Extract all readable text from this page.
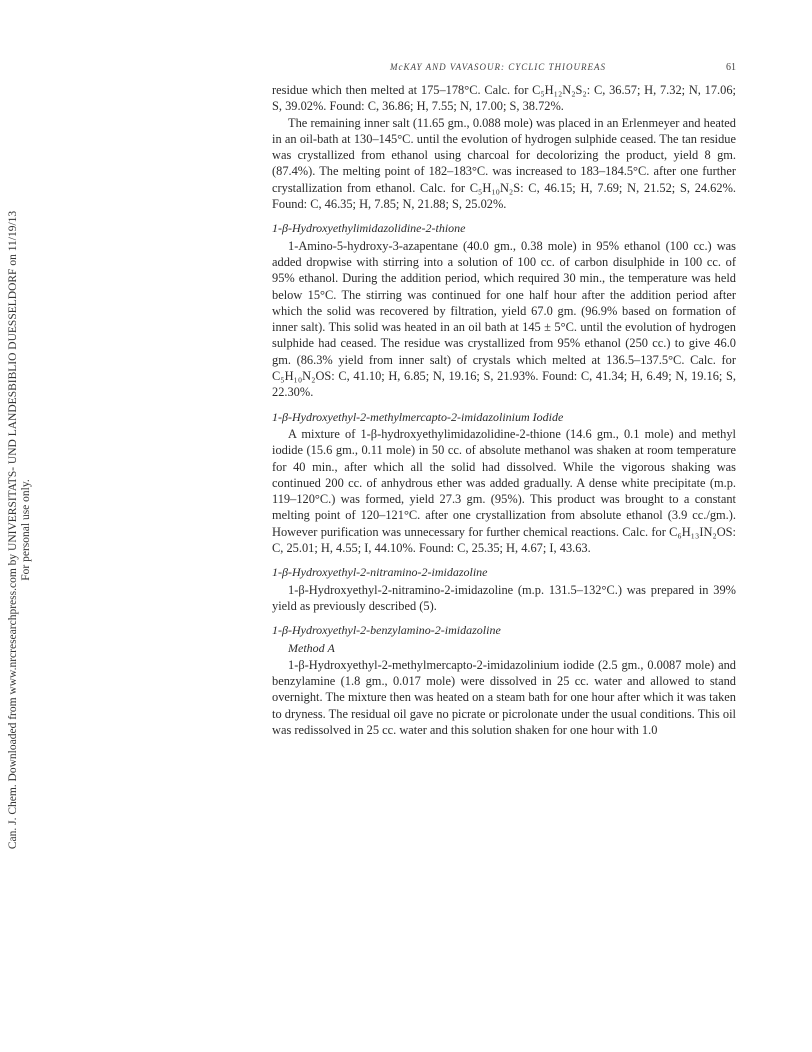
Can. J. Chem. Downloaded from www.nrcresearchpress.com by UNIVERSITATS- UND LANDESBIBLIO DUESSELDORF on 11/19/13 For personal use only.
McKAY AND VAVASOUR: CYCLIC THIOUREAS	61

residue which then melted at 175–178°C. Calc. for C₅H₁₂N₂S₂: C, 36.57; H, 7.32; N, 17.06; S, 39.02%. Found: C, 36.86; H, 7.55; N, 17.00; S, 38.72%.

The remaining inner salt (11.65 gm., 0.088 mole) was placed in an Erlenmeyer and heated in an oil-bath at 130–145°C. until the evolution of hydrogen sulphide ceased. The tan residue was crystallized from ethanol using charcoal for decolorizing the product, yield 8 gm. (87.4%). The melting point of 182–183°C. was increased to 183–184.5°C. after one further crystallization from ethanol. Calc. for C₅H₁₀N₂S: C, 46.15; H, 7.69; N, 21.52; S, 24.62%. Found: C, 46.35; H, 7.85; N, 21.88; S, 25.02%.

1-β-Hydroxyethylimidazolidine-2-thione

1-Amino-5-hydroxy-3-azapentane (40.0 gm., 0.38 mole) in 95% ethanol (100 cc.) was added dropwise with stirring into a solution of 100 cc. of carbon disulphide in 100 cc. of 95% ethanol. During the addition period, which required 30 min., the temperature was held below 15°C. The stirring was continued for one half hour after the addition period after which the solid was recovered by filtration, yield 67.0 gm. (96.9% based on formation of inner salt). This solid was heated in an oil bath at 145 ± 5°C. until the evolution of hydrogen sulphide had ceased. The residue was crystallized from 95% ethanol (250 cc.) to give 46.0 gm. (86.3% yield from inner salt) of crystals which melted at 136.5–137.5°C. Calc. for C₅H₁₀N₂OS: C, 41.10; H, 6.85; N, 19.16; S, 21.93%. Found: C, 41.34; H, 6.49; N, 19.16; S, 22.30%.

1-β-Hydroxyethyl-2-methylmercapto-2-imidazolinium Iodide

A mixture of 1-β-hydroxyethylimidazolidine-2-thione (14.6 gm., 0.1 mole) and methyl iodide (15.6 gm., 0.11 mole) in 50 cc. of absolute methanol was shaken at room temperature for 40 min., after which all the solid had dissolved. While the vigorous shaking was continued 200 cc. of anhydrous ether was added gradually. A dense white precipitate (m.p. 119–120°C.) was formed, yield 27.3 gm. (95%). This product was brought to a constant melting point of 120–121°C. after one crystallization from absolute ethanol (3.9 cc./gm.). However purification was unnecessary for further chemical reactions. Calc. for C₆H₁₃IN₂OS: C, 25.01; H, 4.55; I, 44.10%. Found: C, 25.35; H, 4.67; I, 43.63.

1-β-Hydroxyethyl-2-nitramino-2-imidazoline

1-β-Hydroxyethyl-2-nitramino-2-imidazoline (m.p. 131.5–132°C.) was prepared in 39% yield as previously described (5).

1-β-Hydroxyethyl-2-benzylamino-2-imidazoline
Method A

1-β-Hydroxyethyl-2-methylmercapto-2-imidazolinium iodide (2.5 gm., 0.0087 mole) and benzylamine (1.8 gm., 0.017 mole) were dissolved in 25 cc. water and allowed to stand overnight. The mixture then was heated on a steam bath for one hour after which it was taken to dryness. The residual oil gave no picrate or picrolonate under the usual conditions. This oil was redissolved in 25 cc. water and this solution shaken for one hour with 1.0
